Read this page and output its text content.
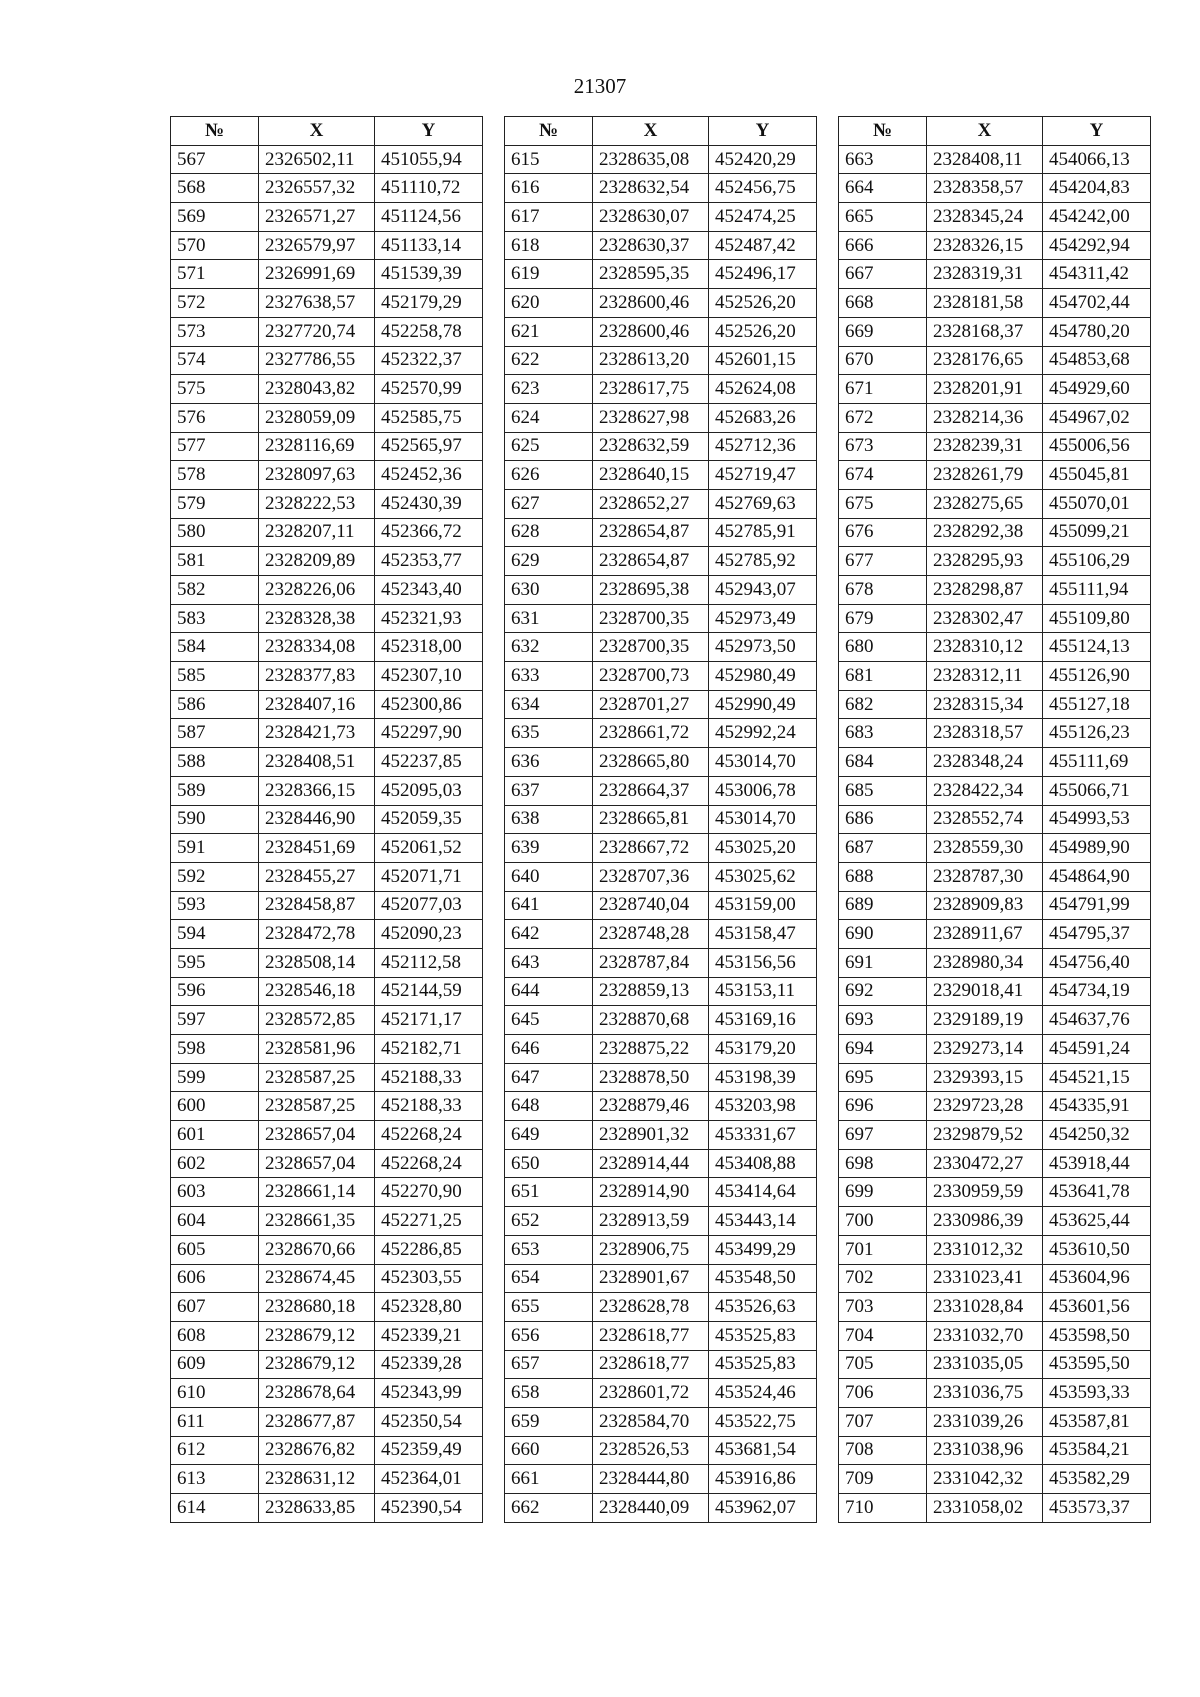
21307
№	X	Y
567	2326502,11	451055,94
568	2326557,32	451110,72
569	2326571,27	451124,56
570	2326579,97	451133,14
571	2326991,69	451539,39
572	2327638,57	452179,29
573	2327720,74	452258,78
574	2327786,55	452322,37
575	2328043,82	452570,99
576	2328059,09	452585,75
577	2328116,69	452565,97
578	2328097,63	452452,36
579	2328222,53	452430,39
580	2328207,11	452366,72
581	2328209,89	452353,77
582	2328226,06	452343,40
583	2328328,38	452321,93
584	2328334,08	452318,00
585	2328377,83	452307,10
586	2328407,16	452300,86
587	2328421,73	452297,90
588	2328408,51	452237,85
589	2328366,15	452095,03
590	2328446,90	452059,35
591	2328451,69	452061,52
592	2328455,27	452071,71
593	2328458,87	452077,03
594	2328472,78	452090,23
595	2328508,14	452112,58
596	2328546,18	452144,59
597	2328572,85	452171,17
598	2328581,96	452182,71
599	2328587,25	452188,33
600	2328587,25	452188,33
601	2328657,04	452268,24
602	2328657,04	452268,24
603	2328661,14	452270,90
604	2328661,35	452271,25
605	2328670,66	452286,85
606	2328674,45	452303,55
607	2328680,18	452328,80
608	2328679,12	452339,21
609	2328679,12	452339,28
610	2328678,64	452343,99
611	2328677,87	452350,54
612	2328676,82	452359,49
613	2328631,12	452364,01
614	2328633,85	452390,54
№	X	Y
615	2328635,08	452420,29
616	2328632,54	452456,75
617	2328630,07	452474,25
618	2328630,37	452487,42
619	2328595,35	452496,17
620	2328600,46	452526,20
621	2328600,46	452526,20
622	2328613,20	452601,15
623	2328617,75	452624,08
624	2328627,98	452683,26
625	2328632,59	452712,36
626	2328640,15	452719,47
627	2328652,27	452769,63
628	2328654,87	452785,91
629	2328654,87	452785,92
630	2328695,38	452943,07
631	2328700,35	452973,49
632	2328700,35	452973,50
633	2328700,73	452980,49
634	2328701,27	452990,49
635	2328661,72	452992,24
636	2328665,80	453014,70
637	2328664,37	453006,78
638	2328665,81	453014,70
639	2328667,72	453025,20
640	2328707,36	453025,62
641	2328740,04	453159,00
642	2328748,28	453158,47
643	2328787,84	453156,56
644	2328859,13	453153,11
645	2328870,68	453169,16
646	2328875,22	453179,20
647	2328878,50	453198,39
648	2328879,46	453203,98
649	2328901,32	453331,67
650	2328914,44	453408,88
651	2328914,90	453414,64
652	2328913,59	453443,14
653	2328906,75	453499,29
654	2328901,67	453548,50
655	2328628,78	453526,63
656	2328618,77	453525,83
657	2328618,77	453525,83
658	2328601,72	453524,46
659	2328584,70	453522,75
660	2328526,53	453681,54
661	2328444,80	453916,86
662	2328440,09	453962,07
№	X	Y
663	2328408,11	454066,13
664	2328358,57	454204,83
665	2328345,24	454242,00
666	2328326,15	454292,94
667	2328319,31	454311,42
668	2328181,58	454702,44
669	2328168,37	454780,20
670	2328176,65	454853,68
671	2328201,91	454929,60
672	2328214,36	454967,02
673	2328239,31	455006,56
674	2328261,79	455045,81
675	2328275,65	455070,01
676	2328292,38	455099,21
677	2328295,93	455106,29
678	2328298,87	455111,94
679	2328302,47	455109,80
680	2328310,12	455124,13
681	2328312,11	455126,90
682	2328315,34	455127,18
683	2328318,57	455126,23
684	2328348,24	455111,69
685	2328422,34	455066,71
686	2328552,74	454993,53
687	2328559,30	454989,90
688	2328787,30	454864,90
689	2328909,83	454791,99
690	2328911,67	454795,37
691	2328980,34	454756,40
692	2329018,41	454734,19
693	2329189,19	454637,76
694	2329273,14	454591,24
695	2329393,15	454521,15
696	2329723,28	454335,91
697	2329879,52	454250,32
698	2330472,27	453918,44
699	2330959,59	453641,78
700	2330986,39	453625,44
701	2331012,32	453610,50
702	2331023,41	453604,96
703	2331028,84	453601,56
704	2331032,70	453598,50
705	2331035,05	453595,50
706	2331036,75	453593,33
707	2331039,26	453587,81
708	2331038,96	453584,21
709	2331042,32	453582,29
710	2331058,02	453573,37
